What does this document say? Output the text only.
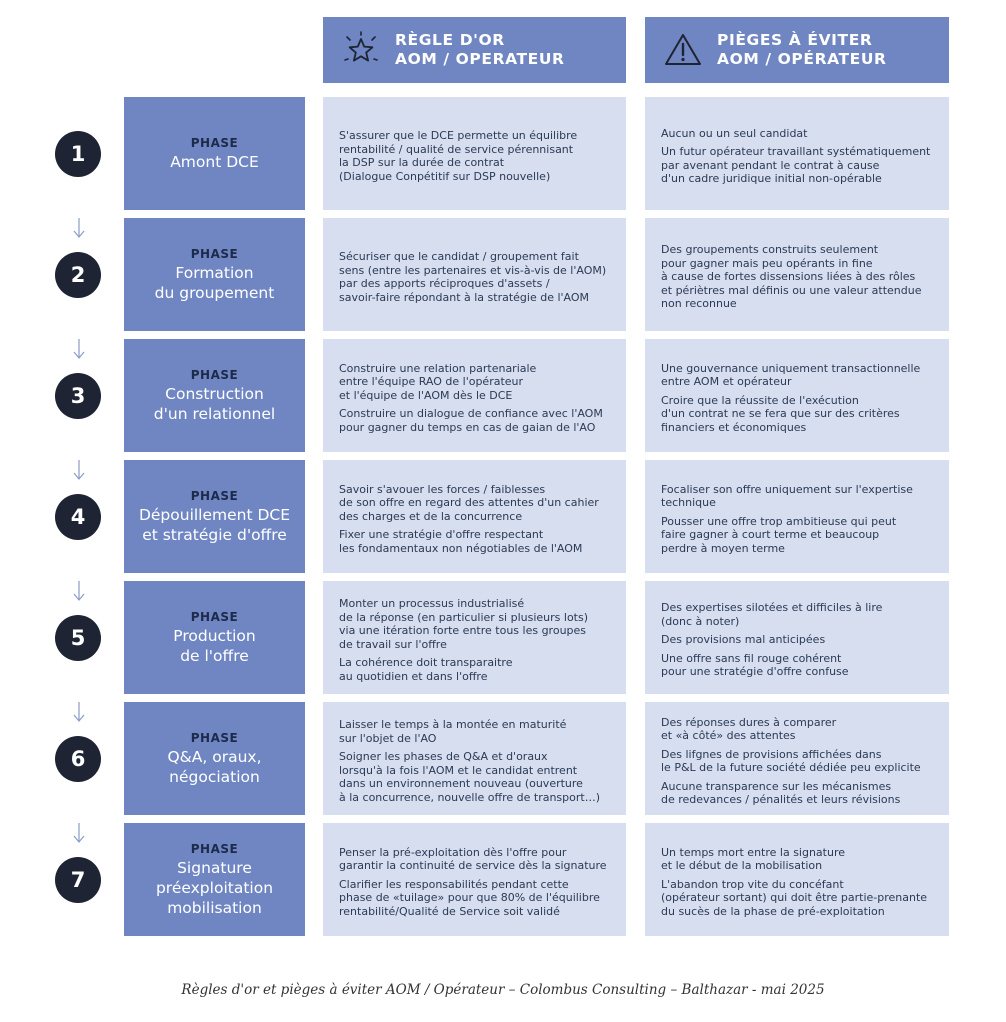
RÈGLE D'OR
AOM / OPERATEUR
PIÈGES À ÉVITER
AOM / OPÉRATEUR
1	PHASE
Amont DCE
S'assurer que le DCE permette un équilibre
rentabilité / qualité de service pérennisant
la DSP sur la durée de contrat
(Dialogue Conpétitif sur DSP nouvelle)
Aucun ou un seul candidat
Un futur opérateur travaillant systématiquement
par avenant pendant le contrat à cause
d'un cadre juridique initial non-opérable
2
PHASE
Formation
du groupement
Sécuriser que le candidat / groupement fait
sens (entre les partenaires et vis-à-vis de l'AOM)
par des apports réciproques d'assets /
savoir-faire répondant à la stratégie de l'AOM
Des groupements construits seulement
pour gagner mais peu opérants in fine
à cause de fortes dissensions liées à des rôles
et périètres mal définis ou une valeur attendue
non reconnue
3
PHASE
Construction
d'un relationnel
Construire une relation partenariale
entre l'équipe RAO de l'opérateur
et l'équipe de l'AOM dès le DCE
Construire un dialogue de confiance avec l'AOM
pour gagner du temps en cas de gaian de l'AO
Une gouvernance uniquement transactionnelle
entre AOM et opérateur
Croire que la réussite de l'exécution
d'un contrat ne se fera que sur des critères
financiers et économiques
4
PHASE
Dépouillement DCE
et stratégie d'offre
Savoir s'avouer les forces / faiblesses
de son offre en regard des attentes d'un cahier
des charges et de la concurrence
Fixer une stratégie d'offre respectant
les fondamentaux non négotiables de l'AOM
Focaliser son offre uniquement sur l'expertise
technique
Pousser une offre trop ambitieuse qui peut
faire gagner à court terme et beaucoup
perdre à moyen terme
5
PHASE
Production
de l'offre
Monter un processus industrialisé
de la réponse (en particulier si plusieurs lots)
via une itération forte entre tous les groupes
de travail sur l'offre
La cohérence doit transparaitre
au quotidien et dans l'offre
Des expertises silotées et difficiles à lire
(donc à noter)
Des provisions mal anticipées
Une offre sans fil rouge cohérent
pour une stratégie d'offre confuse
6
PHASE
Q&A, oraux,
négociation
Laisser le temps à la montée en maturité
sur l'objet de l'AO
Soigner les phases de Q&A et d'oraux
lorsqu'à la fois l'AOM et le candidat entrent
dans un environnement nouveau (ouverture
à la concurrence, nouvelle offre de transport…)
Des réponses dures à comparer
et «à côté» des attentes
Des lifgnes de provisions affichées dans
le P&L de la future société dédiée peu explicite
Aucune transparence sur les mécanismes
de redevances / pénalités et leurs révisions
7
PHASE
Signature
préexploitation
mobilisation
Penser la pré-exploitation dès l'offre pour
garantir la continuité de service dès la signature
Clarifier les responsabilités pendant cette
phase de «tuilage» pour que 80% de l'équilibre
rentabilité/Qualité de Service soit validé
Un temps mort entre la signature
et le début de la mobilisation
L'abandon trop vite du concéfant
(opérateur sortant) qui doit être partie-prenante
du sucès de la phase de pré-exploitation
Règles d'or et pièges à éviter AOM / Opérateur – Colombus Consulting – Balthazar - mai 2025
